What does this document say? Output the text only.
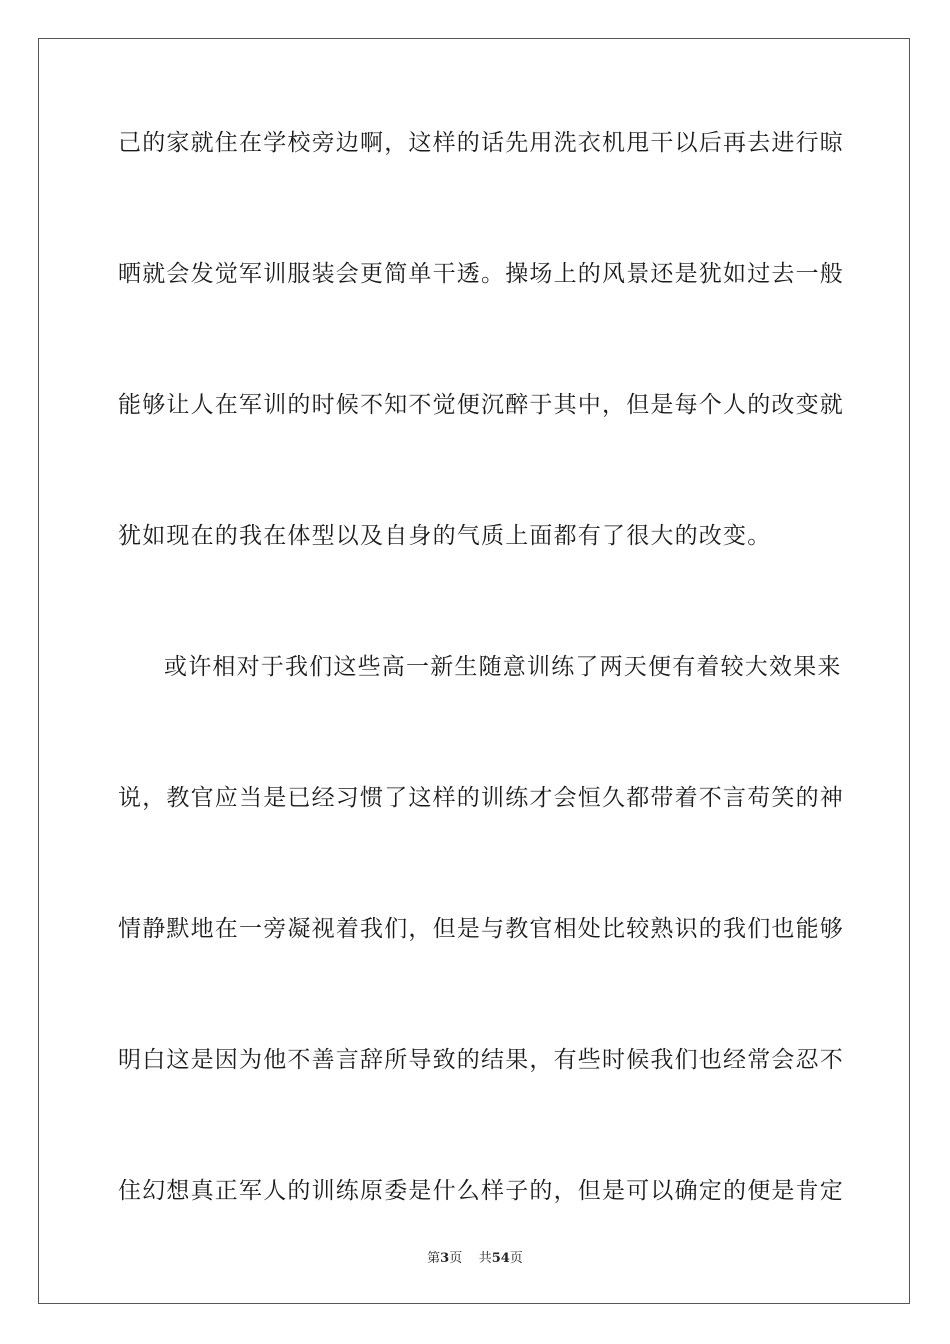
己的家就住在学校旁边啊，这样的话先用洗衣机甩干以后再去进行晾
晒就会发觉军训服装会更简单干透。操场上的风景还是犹如过去一般
能够让人在军训的时候不知不觉便沉醉于其中，但是每个人的改变就
犹如现在的我在体型以及自身的气质上面都有了很大的改变。
或许相对于我们这些高一新生随意训练了两天便有着较大效果来
说，教官应当是已经习惯了这样的训练才会恒久都带着不言苟笑的神
情静默地在一旁凝视着我们，但是与教官相处比较熟识的我们也能够
明白这是因为他不善言辞所导致的结果，有些时候我们也经常会忍不
住幻想真正军人的训练原委是什么样子的，但是可以确定的便是肯定
第3页 共54页
